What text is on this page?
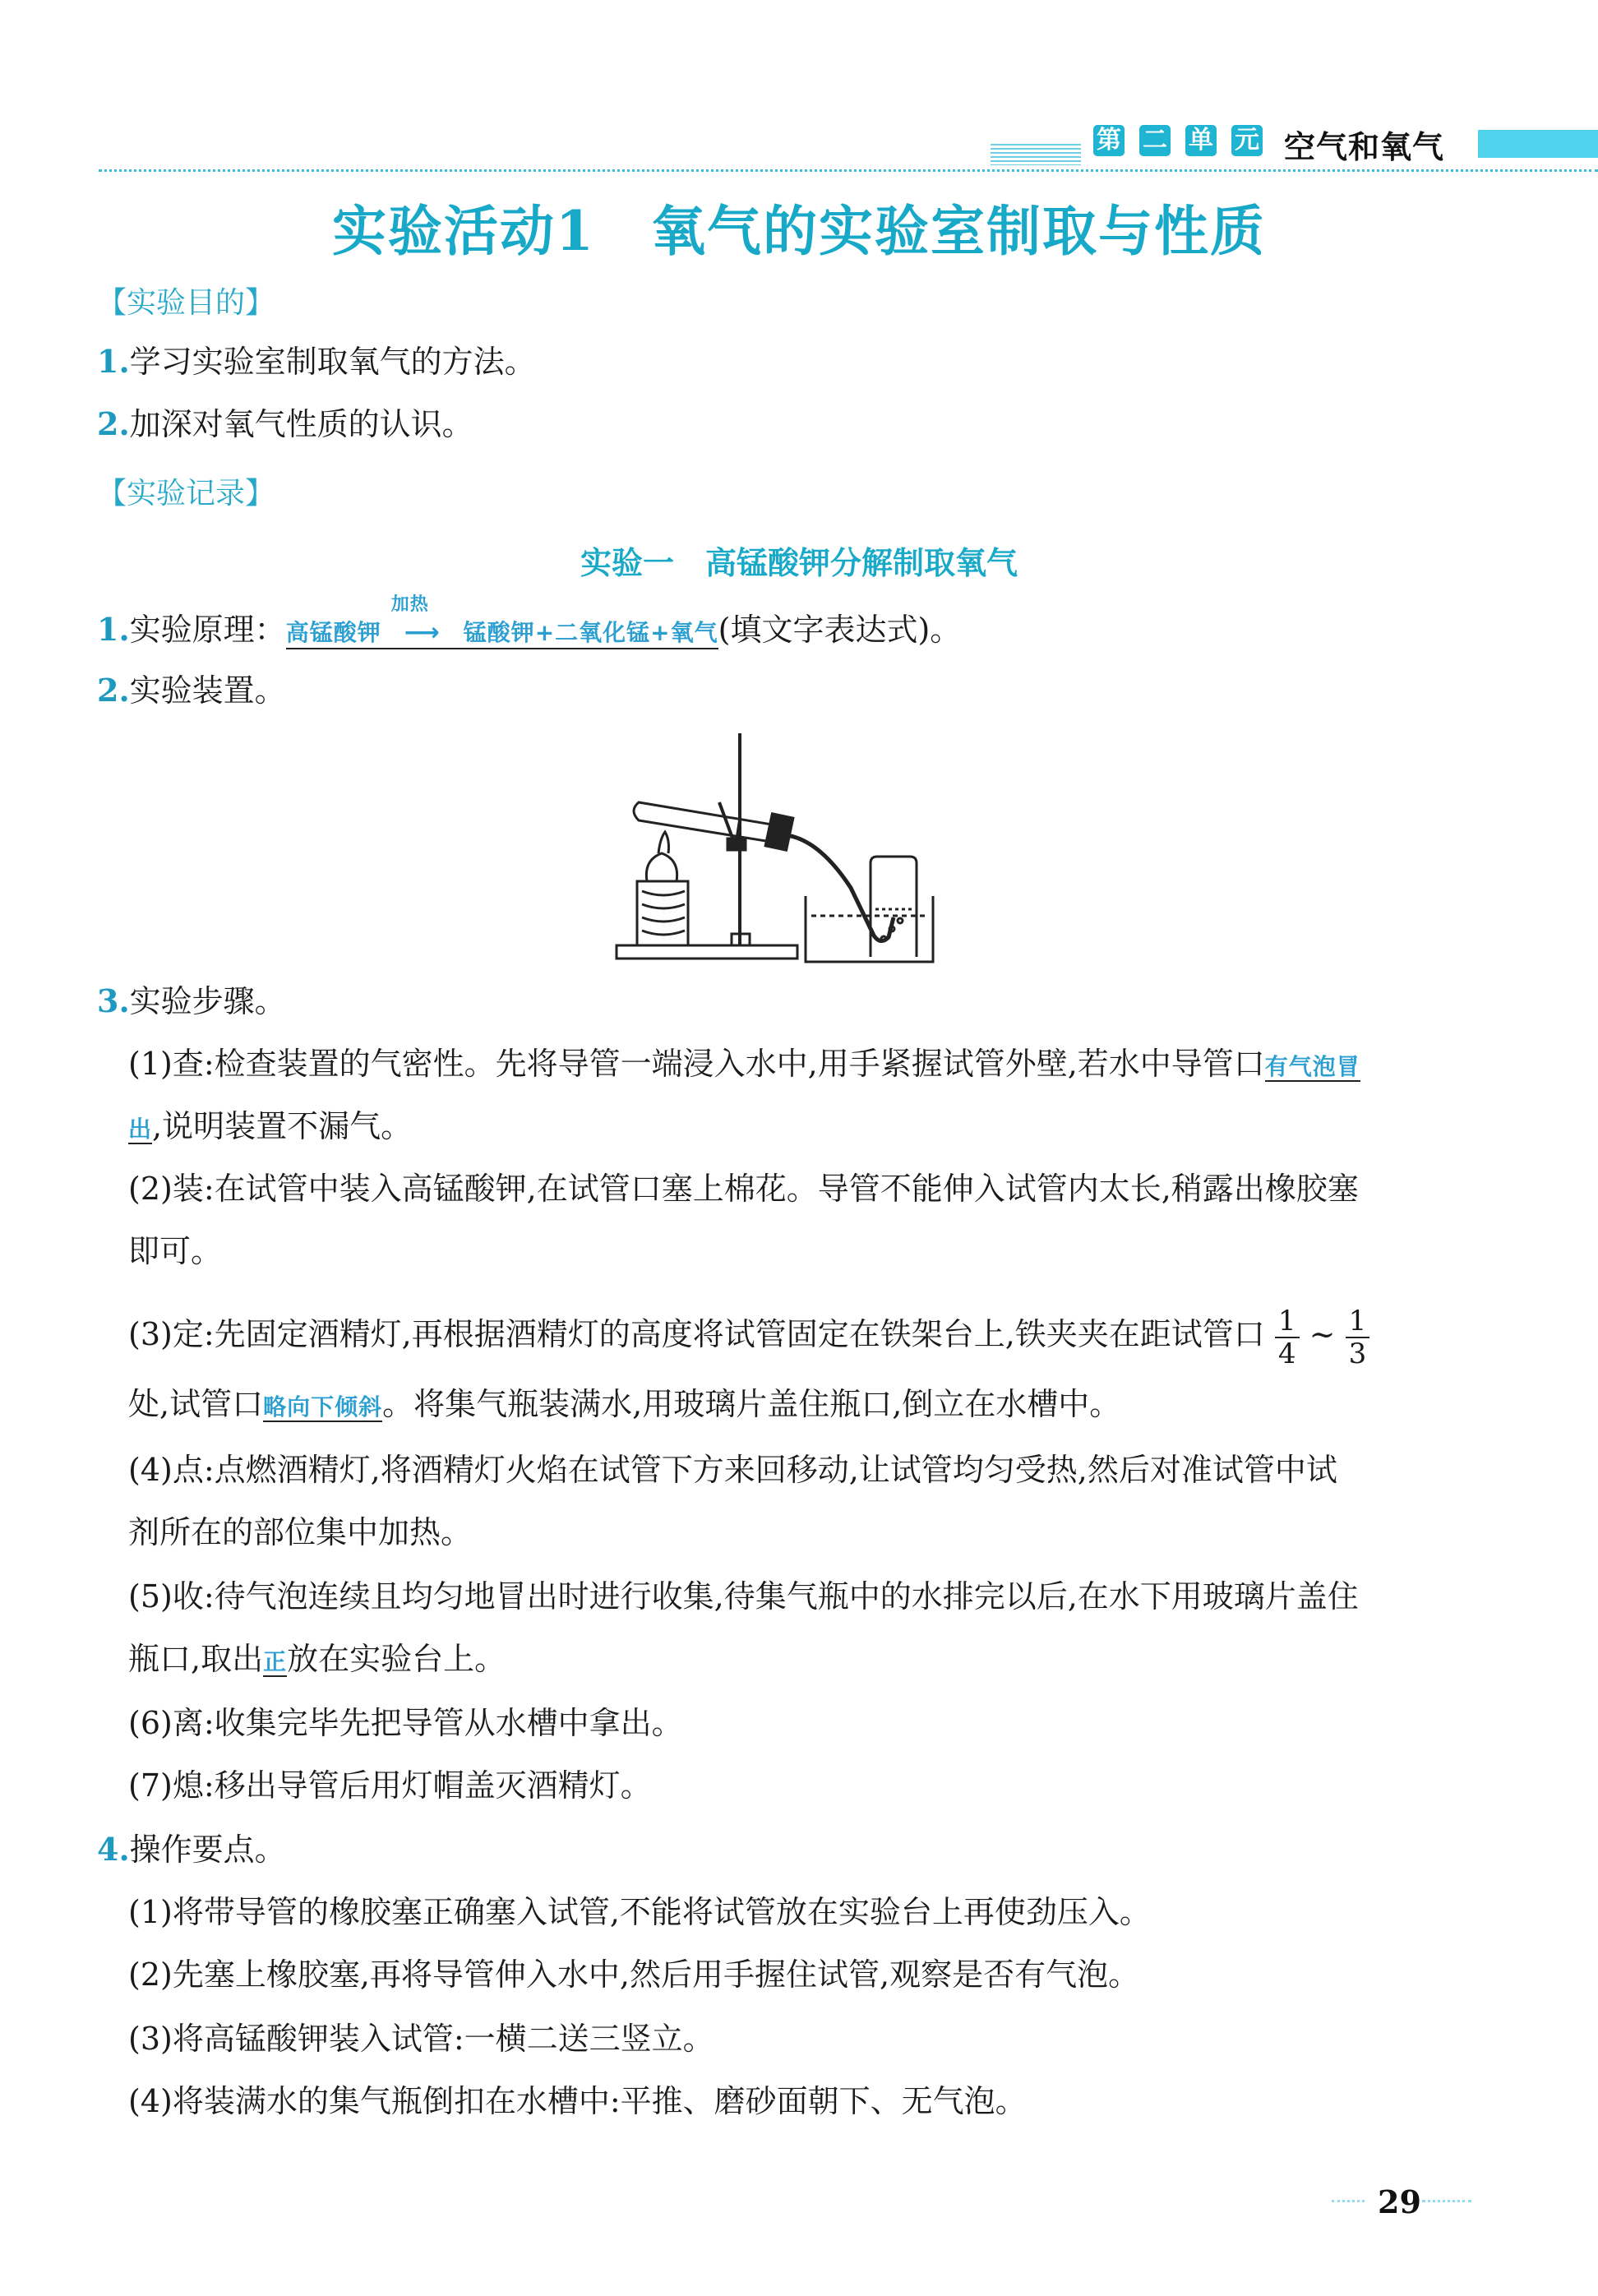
第 二 单 元 空气和氧气
实验活动1　氧气的实验室制取与性质
【实验目的】
1.学习实验室制取氧气的方法。
2.加深对氧气性质的认识。
【实验记录】
实验一　高锰酸钾分解制取氧气
1.实验原理：高锰酸钾
加热
⟶ 锰酸钾+二氧化锰+氧气(填文字表达式)。
2.实验装置。
3.实验步骤。
(1)查:检查装置的气密性。先将导管一端浸入水中,用手紧握试管外壁,若水中导管口有气泡冒
出,说明装置不漏气。
(2)装:在试管中装入高锰酸钾,在试管口塞上棉花。导管不能伸入试管内太长,稍露出橡胶塞
即可。
(3)定:先固定酒精灯,再根据酒精灯的高度将试管固定在铁架台上,铁夹夹在距试管口 $\frac{1}{4}$ ~ $\frac{1}{3}$
处,试管口略向下倾斜。将集气瓶装满水,用玻璃片盖住瓶口,倒立在水槽中。
(4)点:点燃酒精灯,将酒精灯火焰在试管下方来回移动,让试管均匀受热,然后对准试管中试
剂所在的部位集中加热。
(5)收:待气泡连续且均匀地冒出时进行收集,待集气瓶中的水排完以后,在水下用玻璃片盖住
瓶口,取出正放在实验台上。
(6)离:收集完毕先把导管从水槽中拿出。
(7)熄:移出导管后用灯帽盖灭酒精灯。
4.操作要点。
(1)将带导管的橡胶塞正确塞入试管,不能将试管放在实验台上再使劲压入。
(2)先塞上橡胶塞,再将导管伸入水中,然后用手握住试管,观察是否有气泡。
(3)将高锰酸钾装入试管:一横二送三竖立。
(4)将装满水的集气瓶倒扣在水槽中:平推、磨砂面朝下、无气泡。
29
